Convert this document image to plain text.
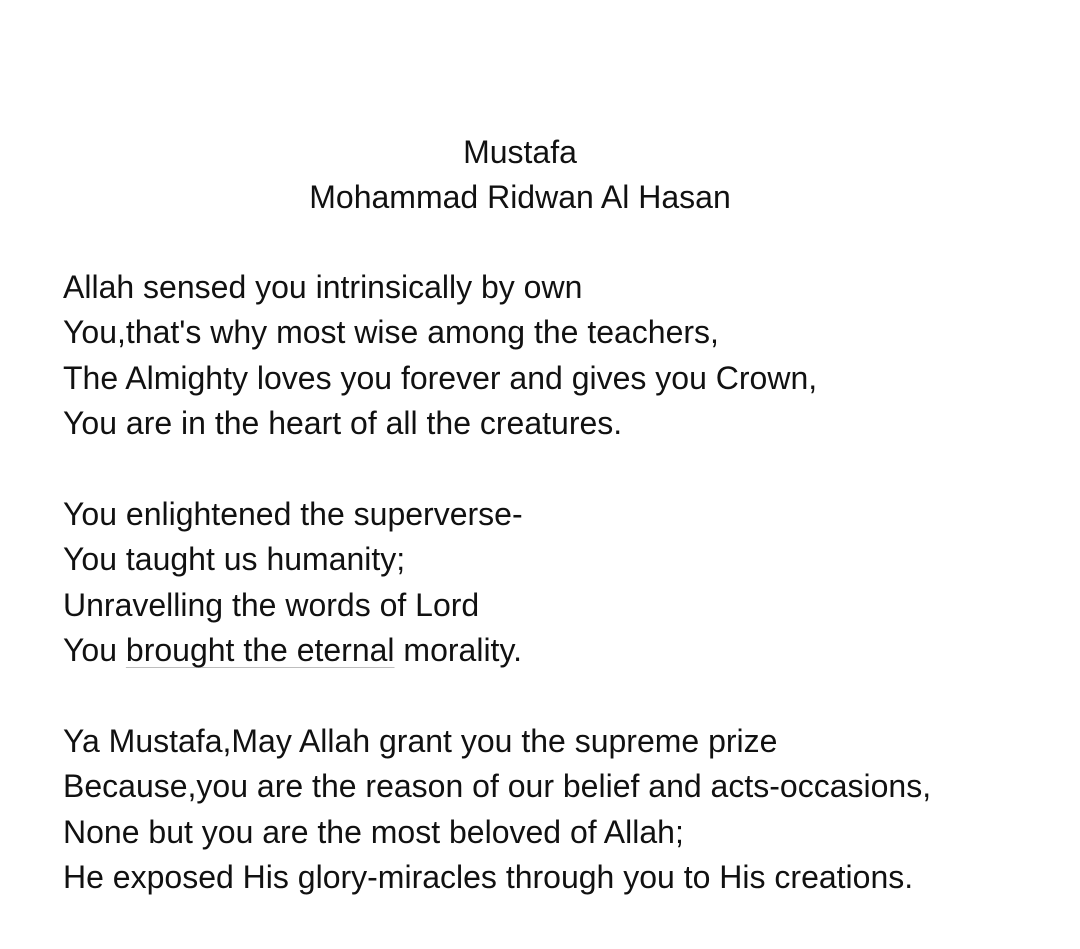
Mustafa
Mohammad Ridwan Al Hasan
Allah sensed you intrinsically by own
You,that's why most wise among the teachers,
The Almighty loves you forever and gives you Crown,
You are in the heart of all the creatures.
You enlightened the superverse-
You taught us humanity;
Unravelling the words of Lord
You brought the eternal morality.
Ya Mustafa,May Allah grant you the supreme prize
Because,you are the reason of our belief and acts-occasions,
None but you are the most beloved of Allah;
He exposed His glory-miracles through you to His creations.
